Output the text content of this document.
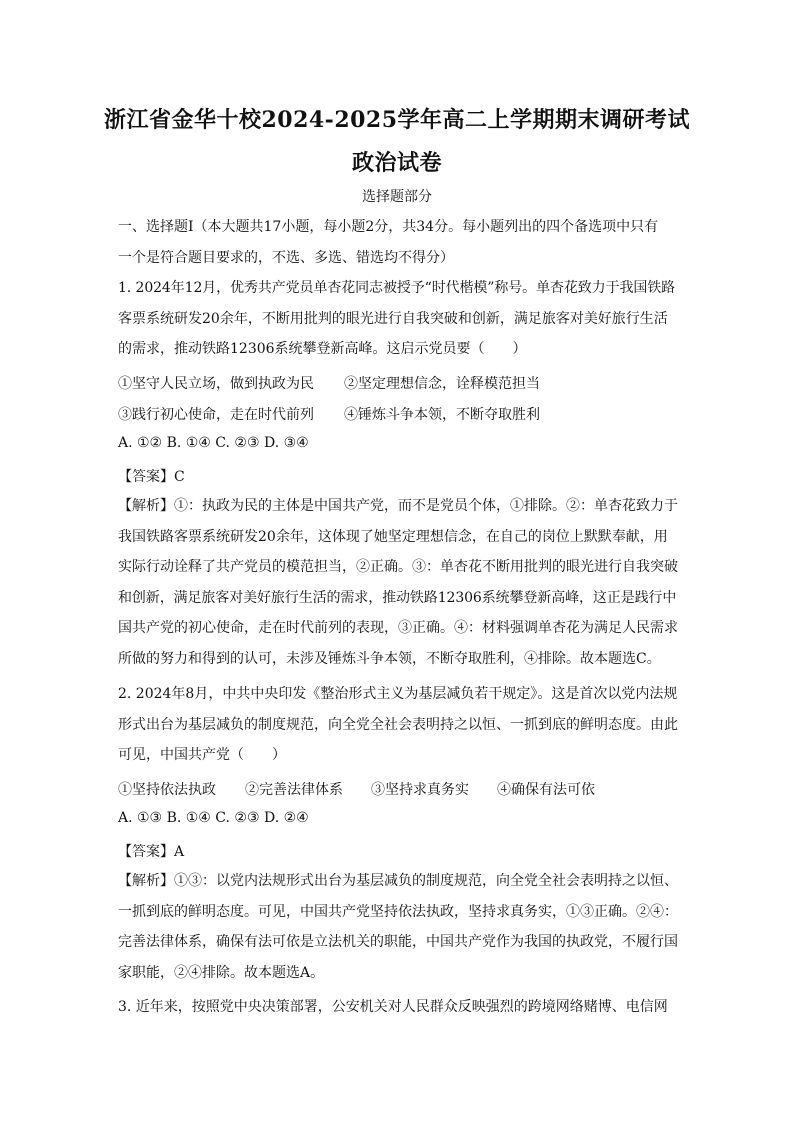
浙江省金华十校2024-2025学年高二上学期期末调研考试
政治试卷
选择题部分
一、选择题Ⅰ（本大题共17小题，每小题2分，共34分。每小题列出的四个备选项中只有
一个是符合题目要求的，不选、多选、错选均不得分）
1. 2024年12月，优秀共产党员单杏花同志被授予“时代楷模”称号。单杏花致力于我国铁路
客票系统研发20余年，不断用批判的眼光进行自我突破和创新，满足旅客对美好旅行生活
的需求，推动铁路12306系统攀登新高峰。这启示党员要（　　）
①坚守人民立场，做到执政为民 ②坚定理想信念，诠释模范担当
③践行初心使命，走在时代前列 ④锤炼斗争本领，不断夺取胜利
A. ①② B. ①④ C. ②③ D. ③④
【答案】C
【解析】①：执政为民的主体是中国共产党，而不是党员个体，①排除。②：单杏花致力于
我国铁路客票系统研发20余年，这体现了她坚定理想信念，在自己的岗位上默默奉献，用
实际行动诠释了共产党员的模范担当，②正确。③：单杏花不断用批判的眼光进行自我突破
和创新，满足旅客对美好旅行生活的需求，推动铁路12306系统攀登新高峰，这正是践行中
国共产党的初心使命，走在时代前列的表现，③正确。④：材料强调单杏花为满足人民需求
所做的努力和得到的认可，未涉及锤炼斗争本领，不断夺取胜利，④排除。故本题选C。
2. 2024年8月，中共中央印发《整治形式主义为基层减负若干规定》。这是首次以党内法规
形式出台为基层减负的制度规范，向全党全社会表明持之以恒、一抓到底的鲜明态度。由此
可见，中国共产党（　　）
①坚持依法执政 ②完善法律体系 ③坚持求真务实 ④确保有法可依
A. ①③ B. ①④ C. ②③ D. ②④
【答案】A
【解析】①③：以党内法规形式出台为基层减负的制度规范，向全党全社会表明持之以恒、
一抓到底的鲜明态度。可见，中国共产党坚持依法执政，坚持求真务实，①③正确。②④：
完善法律体系，确保有法可依是立法机关的职能，中国共产党作为我国的执政党，不履行国
家职能，②④排除。故本题选A。
3. 近年来，按照党中央决策部署，公安机关对人民群众反映强烈的跨境网络赌博、电信网
